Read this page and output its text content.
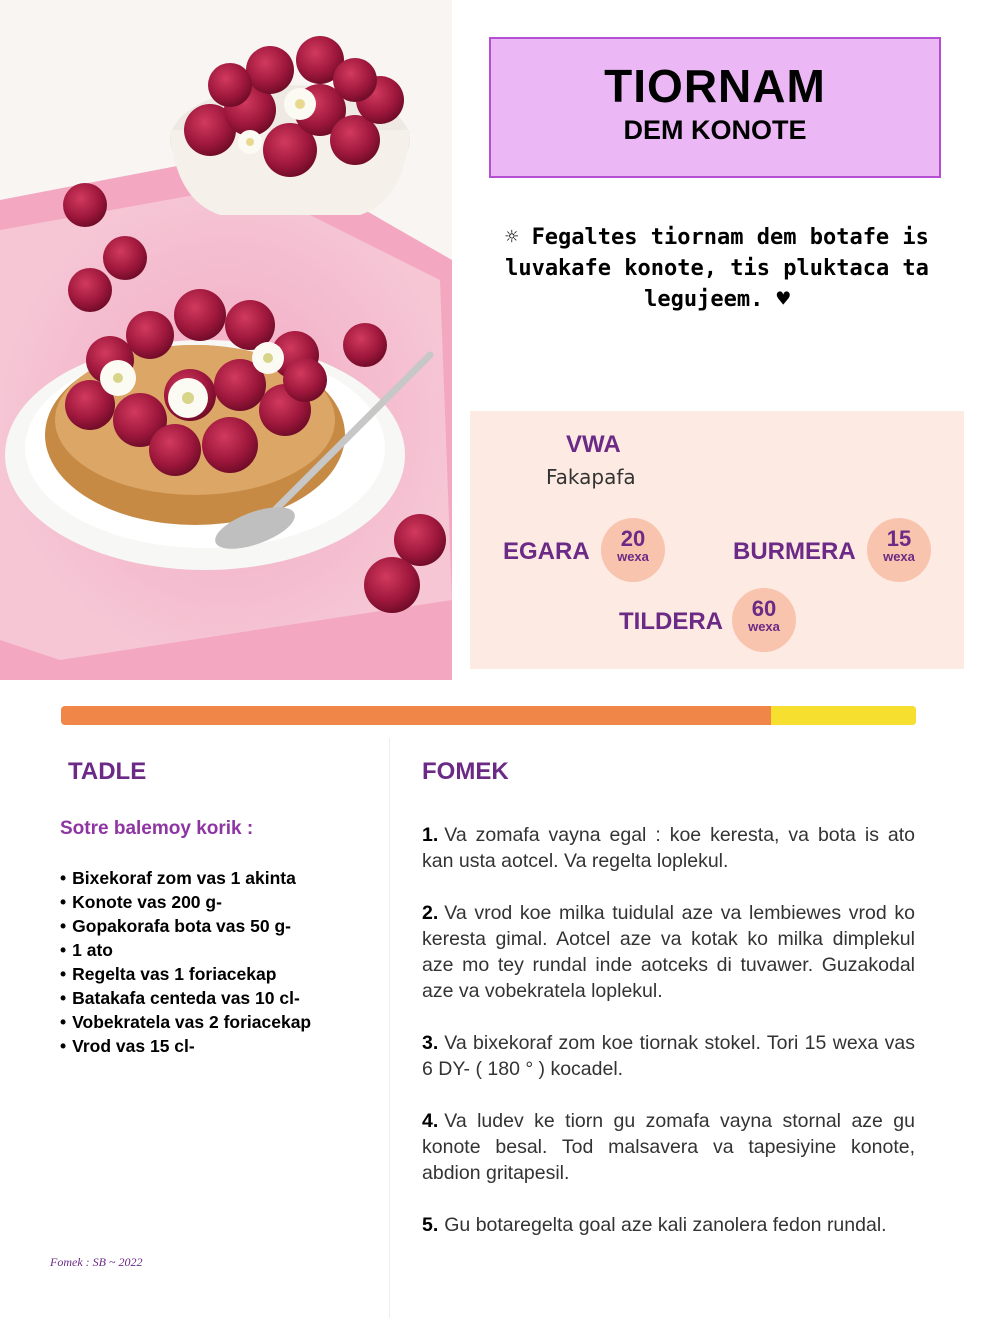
TIORNAM
DEM KONOTE
☼ Fegaltes tiornam dem botafe is luvakafe konote, tis pluktaca ta legujeem. ♥
VWA
Fakapafa
EGARA	20
wexa	BURMERA	15
wexa
TILDERA	60
wexa
TADLE
Sotre balemoy korik :
• Bixekoraf zom vas 1 akinta
• Konote vas 200 g-
• Gopakorafa bota vas 50 g-
• 1 ato
• Regelta vas 1 foriacekap
• Batakafa centeda vas 10 cl-
• Vobekratela vas 2 foriacekap
• Vrod vas 15 cl-
FOMEK

1. Va zomafa vayna egal : koe keresta, va bota is ato kan usta aotcel. Va regelta loplekul.

2. Va vrod koe milka tuidulal aze va lembiewes vrod ko keresta gimal. Aotcel aze va kotak ko milka dimplekul aze mo tey rundal inde aotceks di tuvawer. Guzakodal aze va vobekratela loplekul.

3. Va bixekoraf zom koe tiornak stokel. Tori 15 wexa vas 6 DY- ( 180 ° ) kocadel.

4. Va ludev ke tiorn gu zomafa vayna stornal aze gu konote besal. Tod malsavera va tapesiyine konote, abdion gritapesil.

5. Gu botaregelta goal aze kali zanolera fedon rundal.

Fomek : SB ~ 2022
